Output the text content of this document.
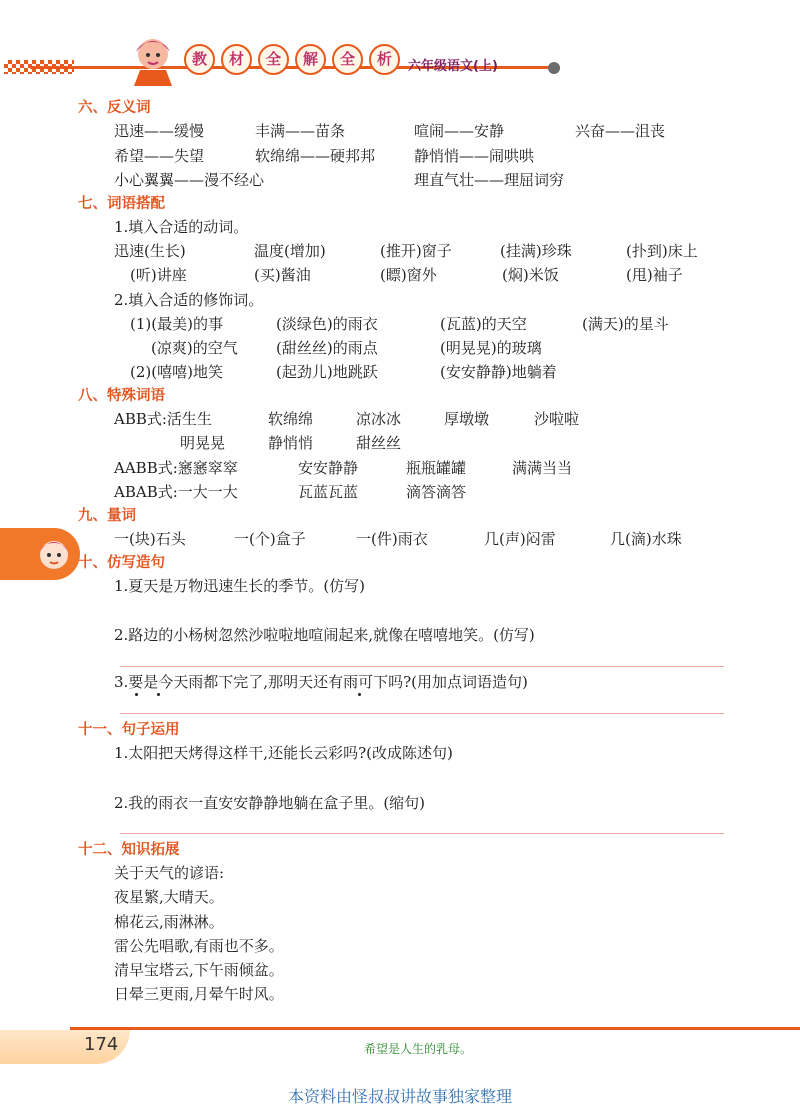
教	材	全	解	全	析	六年级语文(上)
六、反义词
迅速——缓慢	丰满——苗条	喧闹——安静	兴奋——沮丧
希望——失望	软绵绵——硬邦邦	静悄悄——闹哄哄
小心翼翼——漫不经心	理直气壮——理屈词穷
七、词语搭配
1.填入合适的动词。
迅速(生长)	温度(增加)	(推开)窗子	(挂满)珍珠	(扑到)床上
(听)讲座	(买)酱油	(瞟)窗外	(焖)米饭	(甩)袖子
2.填入合适的修饰词。
(1)(最美)的事	(淡绿色)的雨衣	(瓦蓝)的天空	(满天)的星斗
(凉爽)的空气	(甜丝丝)的雨点	(明晃晃)的玻璃
(2)(嘻嘻)地笑	(起劲儿)地跳跃	(安安静静)地躺着
八、特殊词语
ABB式:活生生	软绵绵	凉冰冰	厚墩墩	沙啦啦
明晃晃	静悄悄	甜丝丝
AABB式:窸窸窣窣	安安静静	瓶瓶罐罐	满满当当
ABAB式:一大一大	瓦蓝瓦蓝	滴答滴答
九、量词
一(块)石头	一(个)盒子	一(件)雨衣	几(声)闷雷	几(滴)水珠
十、仿写造句
1.夏天是万物迅速生长的季节。(仿写)
2.路边的小杨树忽然沙啦啦地喧闹起来,就像在嘻嘻地笑。(仿写)
3.要是今天雨都下完了,那明天还有雨可下吗?(用加点词语造句)
十一、句子运用
1.太阳把天烤得这样干,还能长云彩吗?(改成陈述句)
2.我的雨衣一直安安静静地躺在盒子里。(缩句)
十二、知识拓展
关于天气的谚语:
夜星繁,大晴天。
棉花云,雨淋淋。
雷公先唱歌,有雨也不多。
清早宝塔云,下午雨倾盆。
日晕三更雨,月晕午时风。
174	希望是人生的乳母。
本资料由怪叔叔讲故事独家整理
